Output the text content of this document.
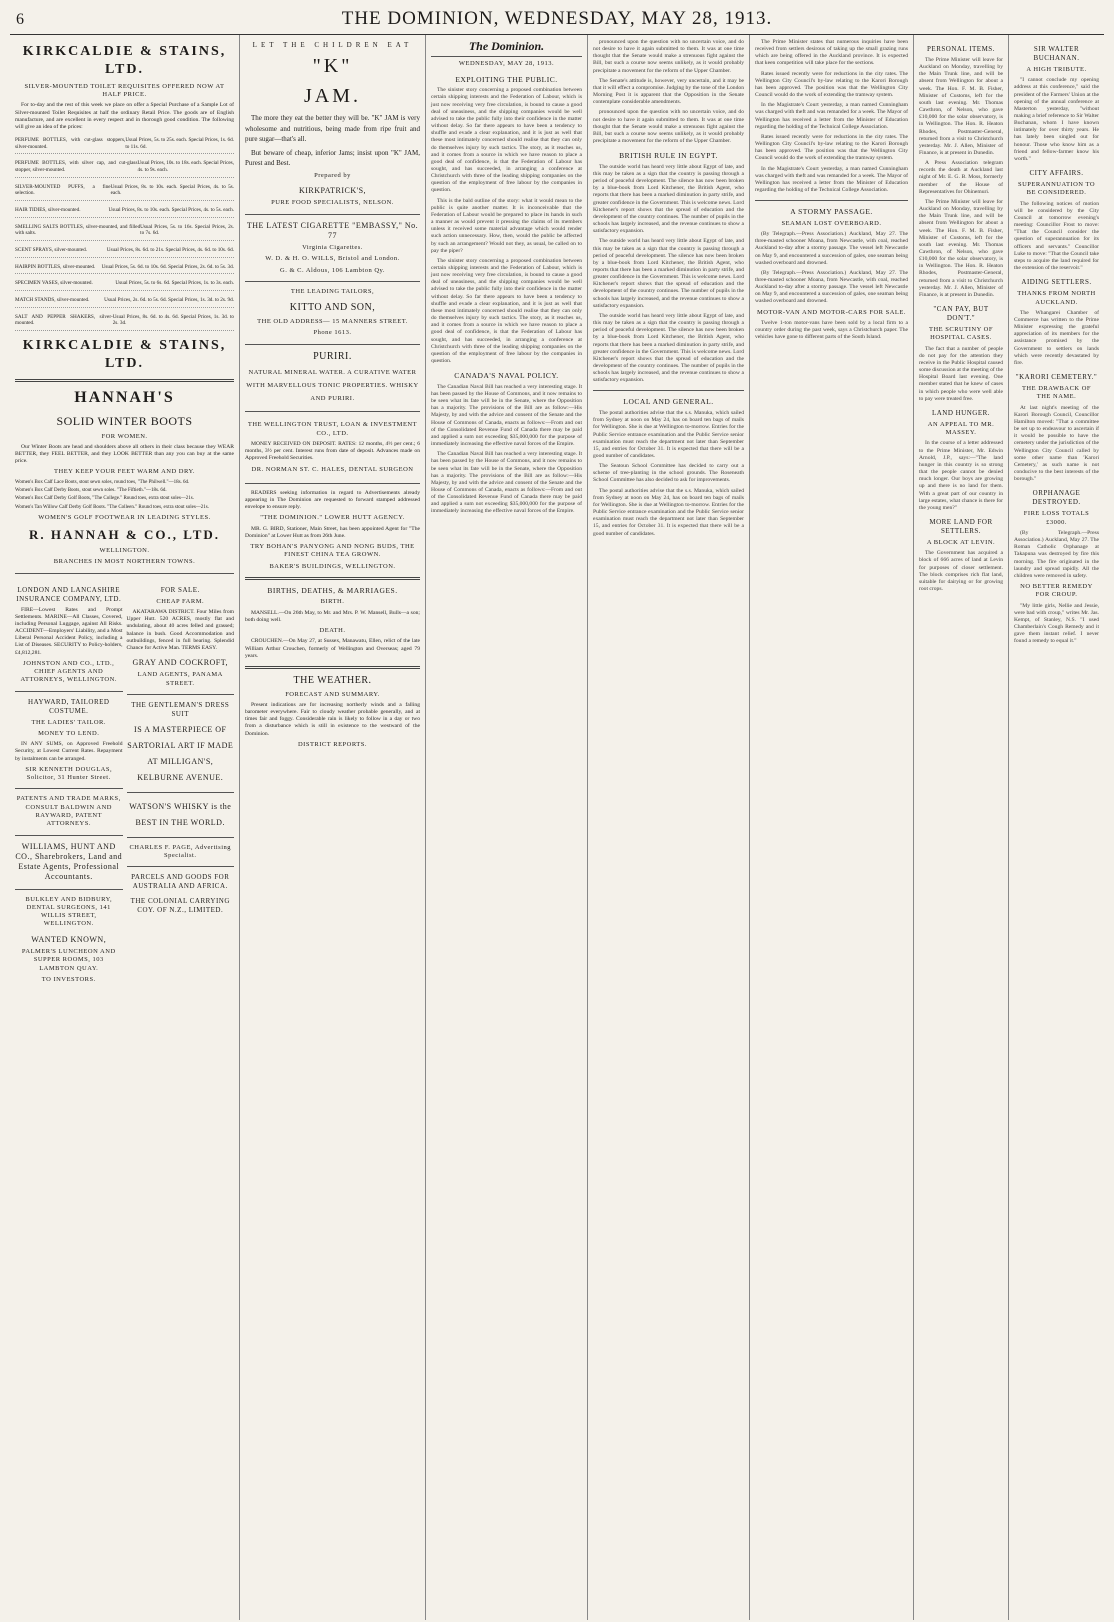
6	THE DOMINION, WEDNESDAY, MAY 28, 1913.
KIRKCALDIE & STAINS, LTD.
SILVER-MOUNTED TOILET REQUISITES OFFERED NOW AT HALF PRICE.

For to-day and the rest of this week we place on offer a Special Purchase of a Sample Lot of Silver-mounted Toilet Requisites at half the ordinary Retail Price. The goods are of English manufacture, and are excellent in every respect and in thorough good condition. The following will give an idea of the prices:

PERFUME BOTTLES, with cut-glass stoppers, silver-mounted.
Usual Prices, 5s. to 25s. each. Special Prices, 1s. 6d. to 11s. 6d.
PERFUME BOTTLES, with silver cap, and cut-glass stopper, silver-mounted.
Usual Prices, 10s. to 18s. each. Special Prices, 4s. to 9s. each.
SILVER-MOUNTED PUFFS, a fine selection.
Usual Prices, 8s. to 10s. each. Special Prices, 4s. to 5s. each.
HAIR TIDIES, silver-mounted.	Usual Prices, 8s. to 10s. each. Special Prices, 4s. to 5s. each.
SMELLING SALTS BOTTLES, silver-mounted, and filled with salts.
Usual Prices, 5s. to 16s. Special Prices, 2s. to 7s. 6d.
SCENT SPRAYS, silver-mounted.	Usual Prices, 8s. 6d. to 21s. Special Prices, 4s. 6d. to 10s. 6d.
HAIRPIN BOTTLES, silver-mounted. Usual Prices, 5s. 6d. to 10s. 6d. Special Prices, 2s. 6d. to 5s. 3d.
SPECIMEN VASES, silver-mounted.	Usual Prices, 5s. to 6s. 6d. Special Prices, 1s. to 3s. each.
MATCH STANDS, silver-mounted.	Usual Prices, 2s. 6d. to 5s. 6d. Special Prices, 1s. 3d. to 2s. 9d.
SALT AND PEPPER SHAKERS, silver-mounted.
Usual Prices, 8s. 6d. to 4s. 6d. Special Prices, 1s. 3d. to 2s. 3d.
KIRKCALDIE & STAINS, LTD.
HANNAH'S
SOLID WINTER BOOTS
FOR WOMEN.

Our Winter Boots are head and shoulders above all others in their class because they WEAR BETTER, they FEEL BETTER, and they LOOK BETTER than any you can buy at the same price.

THEY KEEP YOUR FEET WARM AND DRY.
Women's Box Calf Lace Boots, stout sewn soles, round toes, "The Philwell."—18s. 6d.
Women's Box Calf Derby Boots, stout sewn soles. "The Fiftieth."—18s. 6d.
Women's Box Calf Derby Golf Boots, "The College." Round toes, extra stout soles—21s.
Women's Tan Willow Calf Derby Golf Boots. "The Colleen." Round toes, extra stout soles—21s.
WOMEN'S GOLF FOOTWEAR IN LEADING STYLES.
R. HANNAH & CO., LTD.
WELLINGTON.
BRANCHES IN MOST NORTHERN TOWNS.
LONDON AND LANCASHIRE INSURANCE COMPANY, LTD.

FIRE—Lowest Rates and Prompt Settlements. MARINE—All Classes, Covered, including Personal Luggage, against All Risks. ACCIDENT—Employers' Liability, and a Most Liberal Personal Accident Policy, including a List of Diseases. SECURITY to Policy-holders, £4,812,281.

JOHNSTON AND CO., LTD., CHIEF AGENTS AND ATTORNEYS, WELLINGTON.
HAYWARD, TAILORED COSTUME.
THE LADIES' TAILOR.
MONEY TO LEND.

IN ANY SUMS, on Approved Freehold Security, at Lowest Current Rates. Repayment by instalments can be arranged.

SIR KENNETH DOUGLAS, Solicitor, 31 Hunter Street.
PATENTS AND TRADE MARKS, CONSULT BALDWIN AND RAYWARD, PATENT ATTORNEYS.
WILLIAMS, HUNT AND CO., Sharebrokers, Land and Estate Agents, Professional Accountants.
BULKLEY AND BIDBURY, DENTAL SURGEONS, 141 WILLIS STREET, WELLINGTON.
WANTED KNOWN,
PALMER'S LUNCHEON AND SUPPER ROOMS, 103 LAMBTON QUAY.
TO INVESTORS.
FOR SALE.
CHEAP FARM.

AKATARAWA DISTRICT. Four Miles from Upper Hutt. 520 ACRES, mostly flat and undulating, about 40 acres felled and grassed; balance in bush. Good Accommodation and outbuildings, fenced in full bearing. Splendid Chance for Active Man. TERMS EASY.

GRAY AND COCKROFT,
LAND AGENTS, PANAMA STREET.
THE GENTLEMAN'S DRESS SUIT
IS A MASTERPIECE OF SARTORIAL ART IF MADE AT MILLIGAN'S, KELBURNE AVENUE.
WATSON'S WHISKY is the BEST IN THE WORLD.
CHARLES F. PAGE, Advertising Specialist.
PARCELS AND GOODS FOR AUSTRALIA AND AFRICA.
THE COLONIAL CARRYING COY. OF N.Z., LIMITED.
LET THE CHILDREN EAT
"K"
JAM.

The more they eat the better they will be. "K" JAM is very wholesome and nutritious, being made from ripe fruit and pure sugar—that's all.

But beware of cheap, inferior Jams; insist upon "K" JAM, Purest and Best.

Prepared by
KIRKPATRICK'S,
PURE FOOD SPECIALISTS, NELSON.
THE LATEST CIGARETTE "EMBASSY," No. 77
Virginia Cigarettes.
W. D. & H. O. WILLS, Bristol and London.
G. & C. Aldous, 106 Lambton Qy.
THE LEADING TAILORS,
KITTO AND SON,
THE OLD ADDRESS— 15 MANNERS STREET.
Phone 1613.
PURIRI.
NATURAL MINERAL WATER. A CURATIVE WATER WITH MARVELLOUS TONIC PROPERTIES. WHISKY AND PURIRI.
THE WELLINGTON TRUST, LOAN & INVESTMENT CO., LTD.

MONEY RECEIVED ON DEPOSIT. RATES: 12 months, 4½ per cent.; 6 months, 3½ per cent. Interest runs from date of deposit. Advances made on Approved Freehold Securities.

DR. NORMAN ST. C. HALES, DENTAL SURGEON

READERS seeking information in regard to Advertisements already appearing in The Dominion are requested to forward stamped addressed envelope to ensure reply.

"THE DOMINION." LOWER HUTT AGENCY.

MR. G. BIRD, Stationer, Main Street, has been appointed Agent for "The Dominion" at Lower Hutt as from 26th June.

TRY BOHAN'S PANYONG AND NONG BUDS, THE FINEST CHINA TEA GROWN.
BAKER'S BUILDINGS, WELLINGTON.
BIRTHS, DEATHS, & MARRIAGES.
BIRTH.

MANSELL.—On 26th May, to Mr. and Mrs. P. W. Mansell, Bulls—a son; both doing well.

DEATH.

CROUCHEN.—On May 27, at Sussex, Manawatu, Ellen, relict of the late William Arthur Crouchen, formerly of Wellington and Overseas; aged 79 years.

THE WEATHER.
FORECAST AND SUMMARY.

Present indications are for increasing northerly winds and a falling barometer everywhere. Fair to cloudy weather probable generally, and at times fair and foggy. Considerable rain is likely to follow in a day or two from a disturbance which is still in existence to the westward of the Dominion.

DISTRICT REPORTS.
The Dominion.
WEDNESDAY, MAY 28, 1913.
EXPLOITING THE PUBLIC.

The sinister story concerning a proposed combination between certain shipping interests and the Federation of Labour, which is just now receiving very free circulation, is bound to cause a good deal of uneasiness, and the shipping companies would be well advised to take the public fully into their confidence in the matter without delay. So far there appears to have been a tendency to shuffle and evade a clear explanation, and it is just as well that these most intimately concerned should realise that they can only do themselves injury by such tactics. The story, as it reaches us, and it comes from a source in which we have reason to place a good deal of confidence, is that the Federation of Labour has sought, and has succeeded, in arranging a conference at Christchurch with three of the leading shipping companies on the question of the employment of free labour by the companies in question.

This is the bald outline of the story: what it would mean to the public is quite another matter. It is inconceivable that the Federation of Labour would be prepared to place its hands in such a manner as would prevent it pressing the claims of its members unless it received some material advantage which would render such action unnecessary. How, then, would the public be affected by such an arrangement? Would not they, as usual, be called on to pay the piper?

The sinister story concerning a proposed combination between certain shipping interests and the Federation of Labour, which is just now receiving very free circulation, is bound to cause a good deal of uneasiness, and the shipping companies would be well advised to take the public fully into their confidence in the matter without delay. So far there appears to have been a tendency to shuffle and evade a clear explanation, and it is just as well that these most intimately concerned should realise that they can only do themselves injury by such tactics. The story, as it reaches us, and it comes from a source in which we have reason to place a good deal of confidence, is that the Federation of Labour has sought, and has succeeded, in arranging a conference at Christchurch with three of the leading shipping companies on the question of the employment of free labour by the companies in question.

CANADA'S NAVAL POLICY.

The Canadian Naval Bill has reached a very interesting stage. It has been passed by the House of Commons, and it now remains to be seen what its fate will be in the Senate, where the Opposition has a majority. The provisions of the Bill are as follow:—His Majesty, by and with the advice and consent of the Senate and the House of Commons of Canada, enacts as follows:—From and out of the Consolidated Revenue Fund of Canada there may be paid and applied a sum not exceeding $35,000,000 for the purpose of immediately increasing the effective naval forces of the Empire.

The Canadian Naval Bill has reached a very interesting stage. It has been passed by the House of Commons, and it now remains to be seen what its fate will be in the Senate, where the Opposition has a majority. The provisions of the Bill are as follow:—His Majesty, by and with the advice and consent of the Senate and the House of Commons of Canada, enacts as follows:—From and out of the Consolidated Revenue Fund of Canada there may be paid and applied a sum not exceeding $35,000,000 for the purpose of immediately increasing the effective naval forces of the Empire.

pronounced upon the question with no uncertain voice, and do not desire to have it again submitted to them. It was at one time thought that the Senate would make a strenuous fight against the Bill, but such a course now seems unlikely, as it would probably precipitate a movement for the reform of the Upper Chamber.

The Senate's attitude is, however, very uncertain, and it may be that it will effect a compromise. Judging by the tone of the London Morning Post it is apparent that the Opposition in the Senate contemplate considerable amendments.

pronounced upon the question with no uncertain voice, and do not desire to have it again submitted to them. It was at one time thought that the Senate would make a strenuous fight against the Bill, but such a course now seems unlikely, as it would probably precipitate a movement for the reform of the Upper Chamber.

BRITISH RULE IN EGYPT.

The outside world has heard very little about Egypt of late, and this may be taken as a sign that the country is passing through a period of peaceful development. The silence has now been broken by a blue-book from Lord Kitchener, the British Agent, who reports that there has been a marked diminution in party strife, and greater confidence in the Government. This is welcome news. Lord Kitchener's report shows that the spread of education and the development of the country continues. The number of pupils in the schools has largely increased, and the revenue continues to show a satisfactory expansion.

The outside world has heard very little about Egypt of late, and this may be taken as a sign that the country is passing through a period of peaceful development. The silence has now been broken by a blue-book from Lord Kitchener, the British Agent, who reports that there has been a marked diminution in party strife, and greater confidence in the Government. This is welcome news. Lord Kitchener's report shows that the spread of education and the development of the country continues. The number of pupils in the schools has largely increased, and the revenue continues to show a satisfactory expansion.

The outside world has heard very little about Egypt of late, and this may be taken as a sign that the country is passing through a period of peaceful development. The silence has now been broken by a blue-book from Lord Kitchener, the British Agent, who reports that there has been a marked diminution in party strife, and greater confidence in the Government. This is welcome news. Lord Kitchener's report shows that the spread of education and the development of the country continues. The number of pupils in the schools has largely increased, and the revenue continues to show a satisfactory expansion.

LOCAL AND GENERAL.

The postal authorities advise that the s.s. Manuka, which sailed from Sydney at noon on May 24, has on board ten bags of mails for Wellington. She is due at Wellington to-morrow. Entries for the Public Service entrance examination and the Public Service senior examination must reach the department not later than September 15, and entries for October 31. It is expected that there will be a good number of candidates.

The Seatoun School Committee has decided to carry out a scheme of tree-planting in the school grounds. The Roseneath School Committee has also decided to ask for improvements.

The postal authorities advise that the s.s. Manuka, which sailed from Sydney at noon on May 24, has on board ten bags of mails for Wellington. She is due at Wellington to-morrow. Entries for the Public Service entrance examination and the Public Service senior examination must reach the department not later than September 15, and entries for October 31. It is expected that there will be a good number of candidates.

The Prime Minister states that numerous inquiries have been received from settlers desirous of taking up the small grazing runs which are being offered in the Auckland province. It is expected that keen competition will take place for the sections.

Rates issued recently were for reductions in the city rates. The Wellington City Council's by-law relating to the Karori Borough has been approved. The position was that the Wellington City Council would do the work of extending the tramway system.

In the Magistrate's Court yesterday, a man named Cunningham was charged with theft and was remanded for a week. The Mayor of Wellington has received a letter from the Minister of Education regarding the holding of the Technical College Association.

Rates issued recently were for reductions in the city rates. The Wellington City Council's by-law relating to the Karori Borough has been approved. The position was that the Wellington City Council would do the work of extending the tramway system.

In the Magistrate's Court yesterday, a man named Cunningham was charged with theft and was remanded for a week. The Mayor of Wellington has received a letter from the Minister of Education regarding the holding of the Technical College Association.

A STORMY PASSAGE.
SEAMAN LOST OVERBOARD.

(By Telegraph.—Press Association.) Auckland, May 27. The three-masted schooner Moana, from Newcastle, with coal, reached Auckland to-day after a stormy passage. The vessel left Newcastle on May 9, and encountered a succession of gales, one seaman being washed overboard and drowned.

(By Telegraph.—Press Association.) Auckland, May 27. The three-masted schooner Moana, from Newcastle, with coal, reached Auckland to-day after a stormy passage. The vessel left Newcastle on May 9, and encountered a succession of gales, one seaman being washed overboard and drowned.

MOTOR-VAN AND MOTOR-CARS FOR SALE.

Twelve 1-ton motor-vans have been sold by a local firm to a country order during the past week, says a Christchurch paper. The vehicles have gone to different parts of the South Island.

PERSONAL ITEMS.

The Prime Minister will leave for Auckland on Monday, travelling by the Main Trunk line, and will be absent from Wellington for about a week. The Hon. F. M. B. Fisher, Minister of Customs, left for the south last evening. Mr. Thomas Cawthron, of Nelson, who gave £10,000 for the solar observatory, is in Wellington. The Hon. R. Heaton Rhodes, Postmaster-General, returned from a visit to Christchurch yesterday. Mr. J. Allen, Minister of Finance, is at present in Dunedin.

A Press Association telegram records the death at Auckland last night of Mr. E. G. B. Moss, formerly member of the House of Representatives for Ohinemuri.

The Prime Minister will leave for Auckland on Monday, travelling by the Main Trunk line, and will be absent from Wellington for about a week. The Hon. F. M. B. Fisher, Minister of Customs, left for the south last evening. Mr. Thomas Cawthron, of Nelson, who gave £10,000 for the solar observatory, is in Wellington. The Hon. R. Heaton Rhodes, Postmaster-General, returned from a visit to Christchurch yesterday. Mr. J. Allen, Minister of Finance, is at present in Dunedin.

"CAN PAY, BUT DON'T."
THE SCRUTINY OF HOSPITAL CASES.

The fact that a number of people do not pay for the attention they receive in the Public Hospital caused some discussion at the meeting of the Hospital Board last evening. One member stated that he knew of cases in which people who were well able to pay were treated free.

LAND HUNGER.
AN APPEAL TO MR. MASSEY.

In the course of a letter addressed to the Prime Minister, Mr. Edwin Arnold, J.P., says:—"The land hunger in this country is so strong that the people cannot be denied much longer. Our boys are growing up and there is no land for them. With a great part of our country in large estates, what chance is there for the young men?"

MORE LAND FOR SETTLERS.
A BLOCK AT LEVIN.

The Government has acquired a block of 666 acres of land at Levin for purposes of closer settlement. The block comprises rich flat land, suitable for dairying or for growing root crops.

SIR WALTER BUCHANAN.
A HIGH TRIBUTE.

"I cannot conclude my opening address at this conference," said the president of the Farmers' Union at the opening of the annual conference at Masterton yesterday, "without making a brief reference to Sir Walter Buchanan, whom I have known intimately for over thirty years. He has lately been singled out for honour. Those who know him as a friend and fellow-farmer know his worth."

CITY AFFAIRS.
SUPERANNUATION TO BE CONSIDERED.

The following notices of motion will be considered by the City Council at tomorrow evening's meeting: Councillor Frost to move: "That the Council consider the question of superannuation for its officers and servants." Councillor Luke to move: "That the Council take steps to acquire the land required for the extension of the reservoir."

AIDING SETTLERS.
THANKS FROM NORTH AUCKLAND.

The Whangarei Chamber of Commerce has written to the Prime Minister expressing the grateful appreciation of its members for the assistance promised by the Government to settlers on lands which were recently devastated by fire.

"KARORI CEMETERY."
THE DRAWBACK OF THE NAME.

At last night's meeting of the Karori Borough Council, Councillor Hamilton moved: "That a committee be set up to endeavour to ascertain if it would be possible to have the cemetery under the jurisdiction of the Wellington City Council called by some other name than 'Karori Cemetery,' as such name is not conducive to the best interests of the borough."

ORPHANAGE DESTROYED.
FIRE LOSS TOTALS £3000.

(By Telegraph.—Press Association.) Auckland, May 27. The Roman Catholic Orphanage at Takapuna was destroyed by fire this morning. The fire originated in the laundry and spread rapidly. All the children were removed in safety.

NO BETTER REMEDY FOR CROUP.

"My little girls, Nellie and Jessie, were bad with croup," writes Mr. Jas. Kempt, of Stanley, N.S. "I used Chamberlain's Cough Remedy and it gave them instant relief. I never found a remedy to equal it."
